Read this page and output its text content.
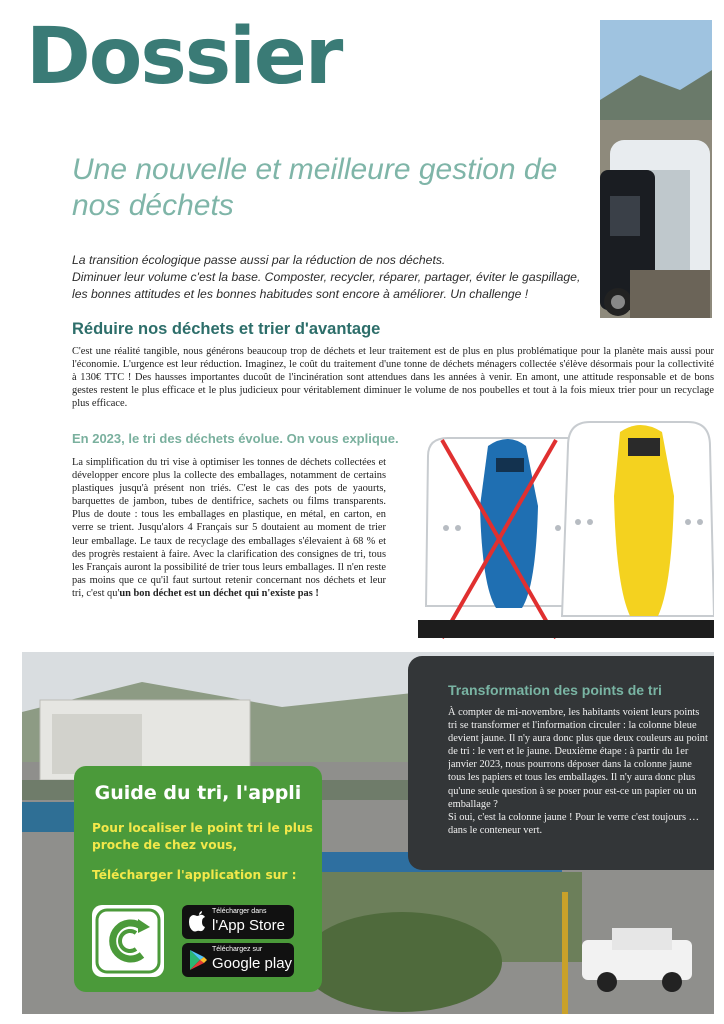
Dossier
Une nouvelle et meilleure gestion de nos déchets
La transition écologique passe aussi par la réduction de nos déchets.
Diminuer leur volume c'est la base. Composter, recycler, réparer, partager, éviter le gaspillage,
les bonnes attitudes et les bonnes habitudes sont encore à améliorer. Un challenge !
Réduire nos déchets et trier d'avantage
C'est une réalité tangible, nous générons beaucoup trop de déchets et leur traitement est de plus en plus problématique pour la planète mais aussi pour l'économie. L'urgence est leur réduction. Imaginez, le coût du traitement d'une tonne de déchets ménagers collectée s'élève désormais pour la collectivité à 130€ TTC ! Des hausses importantes ducoût de l'incinération sont attendues dans les années à venir. En amont, une attitude responsable et de bons gestes restent le plus efficace et le plus judicieux pour véritablement diminuer le volume de nos poubelles et tout à la fois mieux trier pour un recyclage plus efficace.
En 2023, le tri des déchets évolue. On vous explique.
La simplification du tri vise à optimiser les tonnes de déchets collectées et développer encore plus la collecte des emballages, notamment de certains plastiques jusqu'à présent non triés. C'est le cas des pots de yaourts, barquettes de jambon, tubes de dentifrice, sachets ou films transparents. Plus de doute : tous les emballages en plastique, en métal, en carton, en verre se trient. Jusqu'alors 4 Français sur 5 doutaient au moment de trier leur emballage. Le taux de recyclage des emballages s'élevaient à 68 % et des progrès restaient à faire. Avec la clarification des consignes de tri, tous les Français auront la possibilité de trier tous leurs emballages. Il n'en reste pas moins que ce qu'il faut surtout retenir concernant nos déchets et leur tri, c'est qu'un bon déchet est un déchet qui n'existe pas !
Guide du tri, l'appli
Pour localiser le point tri le plus proche de chez vous,
Télécharger l'application sur :
Télécharger dans
l'App Store
Téléchargez sur
Google play
Transformation des points de tri
À compter de mi-novembre, les habitants voient leurs points tri se transformer et l'information circuler : la colonne bleue devient jaune. Il n'y aura donc plus que deux couleurs au point de tri : le vert et le jaune. Deuxième étape : à partir du 1er janvier 2023, nous pourrons déposer dans la colonne jaune tous les papiers et tous les emballages. Il n'y aura donc plus qu'une seule question à se poser pour est-ce un papier ou un emballage ?
Si oui, c'est la colonne jaune ! Pour le verre c'est toujours … dans le conteneur vert.
